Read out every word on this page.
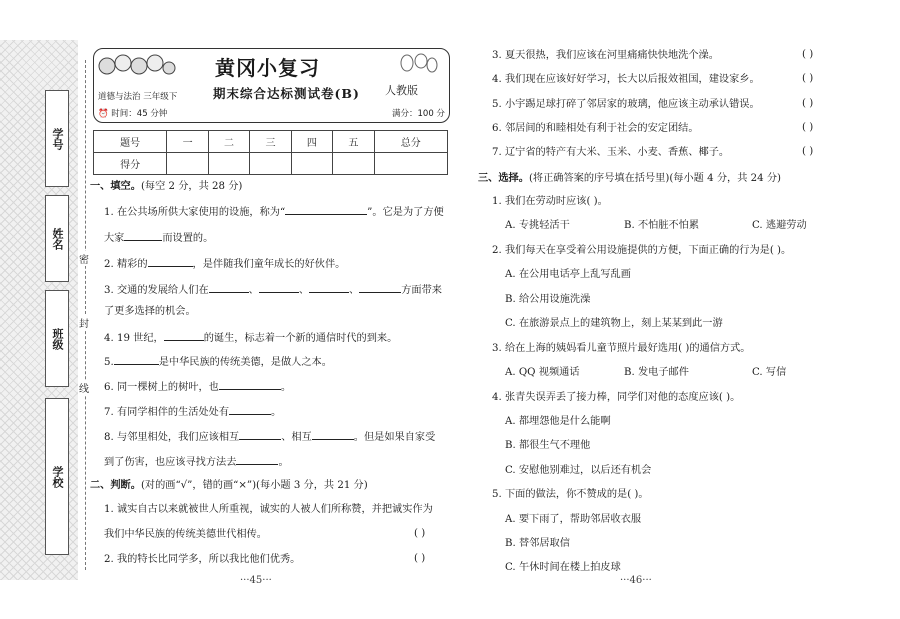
学号
姓名
班级
学校
密
封
线
黄冈小复习
道德与法治 三年级下	期末综合达标测试卷(B) 人教版
⏰ 时间：45 分钟	满分：100 分
题号	一	二	三	四	五	总分
得分						
一、填空。(每空 2 分，共 28 分)
1. 在公共场所供大家使用的设施，称为“	”。它是为了方便
大家	而设置的。
2. 精彩的	，是伴随我们童年成长的好伙伴。
3. 交通的发展给人们在	、	、	、	方面带来
了更多选择的机会。
4. 19 世纪，	的诞生，标志着一个新的通信时代的到来。
5.	是中华民族的传统美德，是做人之本。
6. 同一棵树上的树叶，也	。
7. 有同学相伴的生活处处有	。
8. 与邻里相处，我们应该相互	、相互	。但是如果自家受
到了伤害，也应该寻找方法去	。
二、判断。(对的画“√”，错的画“×”)(每小题 3 分，共 21 分)
1. 诚实自古以来就被世人所重视，诚实的人被人们所称赞，并把诚实作为
我们中华民族的传统美德世代相传。	( )
2. 我的特长比同学多，所以我比他们优秀。	( )
···45···
3. 夏天很热，我们应该在河里痛痛快快地洗个澡。	( )
4. 我们现在应该好好学习，长大以后报效祖国，建设家乡。	( )
5. 小宇踢足球打碎了邻居家的玻璃，他应该主动承认错误。	( )
6. 邻居间的和睦相处有利于社会的安定团结。	( )
7. 辽宁省的特产有大米、玉米、小麦、香蕉、椰子。	( )
三、选择。(将正确答案的序号填在括号里)(每小题 4 分，共 24 分)
1. 我们在劳动时应该( )。
A. 专挑轻活干	B. 不怕脏不怕累	C. 逃避劳动
2. 我们每天在享受着公用设施提供的方便，下面正确的行为是( )。
A. 在公用电话亭上乱写乱画
B. 给公用设施洗澡
C. 在旅游景点上的建筑物上，刻上某某到此一游
3. 给在上海的姨妈看儿童节照片最好选用( )的通信方式。
A. QQ 视频通话	B. 发电子邮件	C. 写信
4. 张青失误弄丢了接力棒，同学们对他的态度应该( )。
A. 都埋怨他是什么能啊
B. 都很生气不理他
C. 安慰他别难过，以后还有机会
5. 下面的做法，你不赞成的是( )。
A. 要下雨了，帮助邻居收衣服
B. 替邻居取信
C. 午休时间在楼上拍皮球
···46···
